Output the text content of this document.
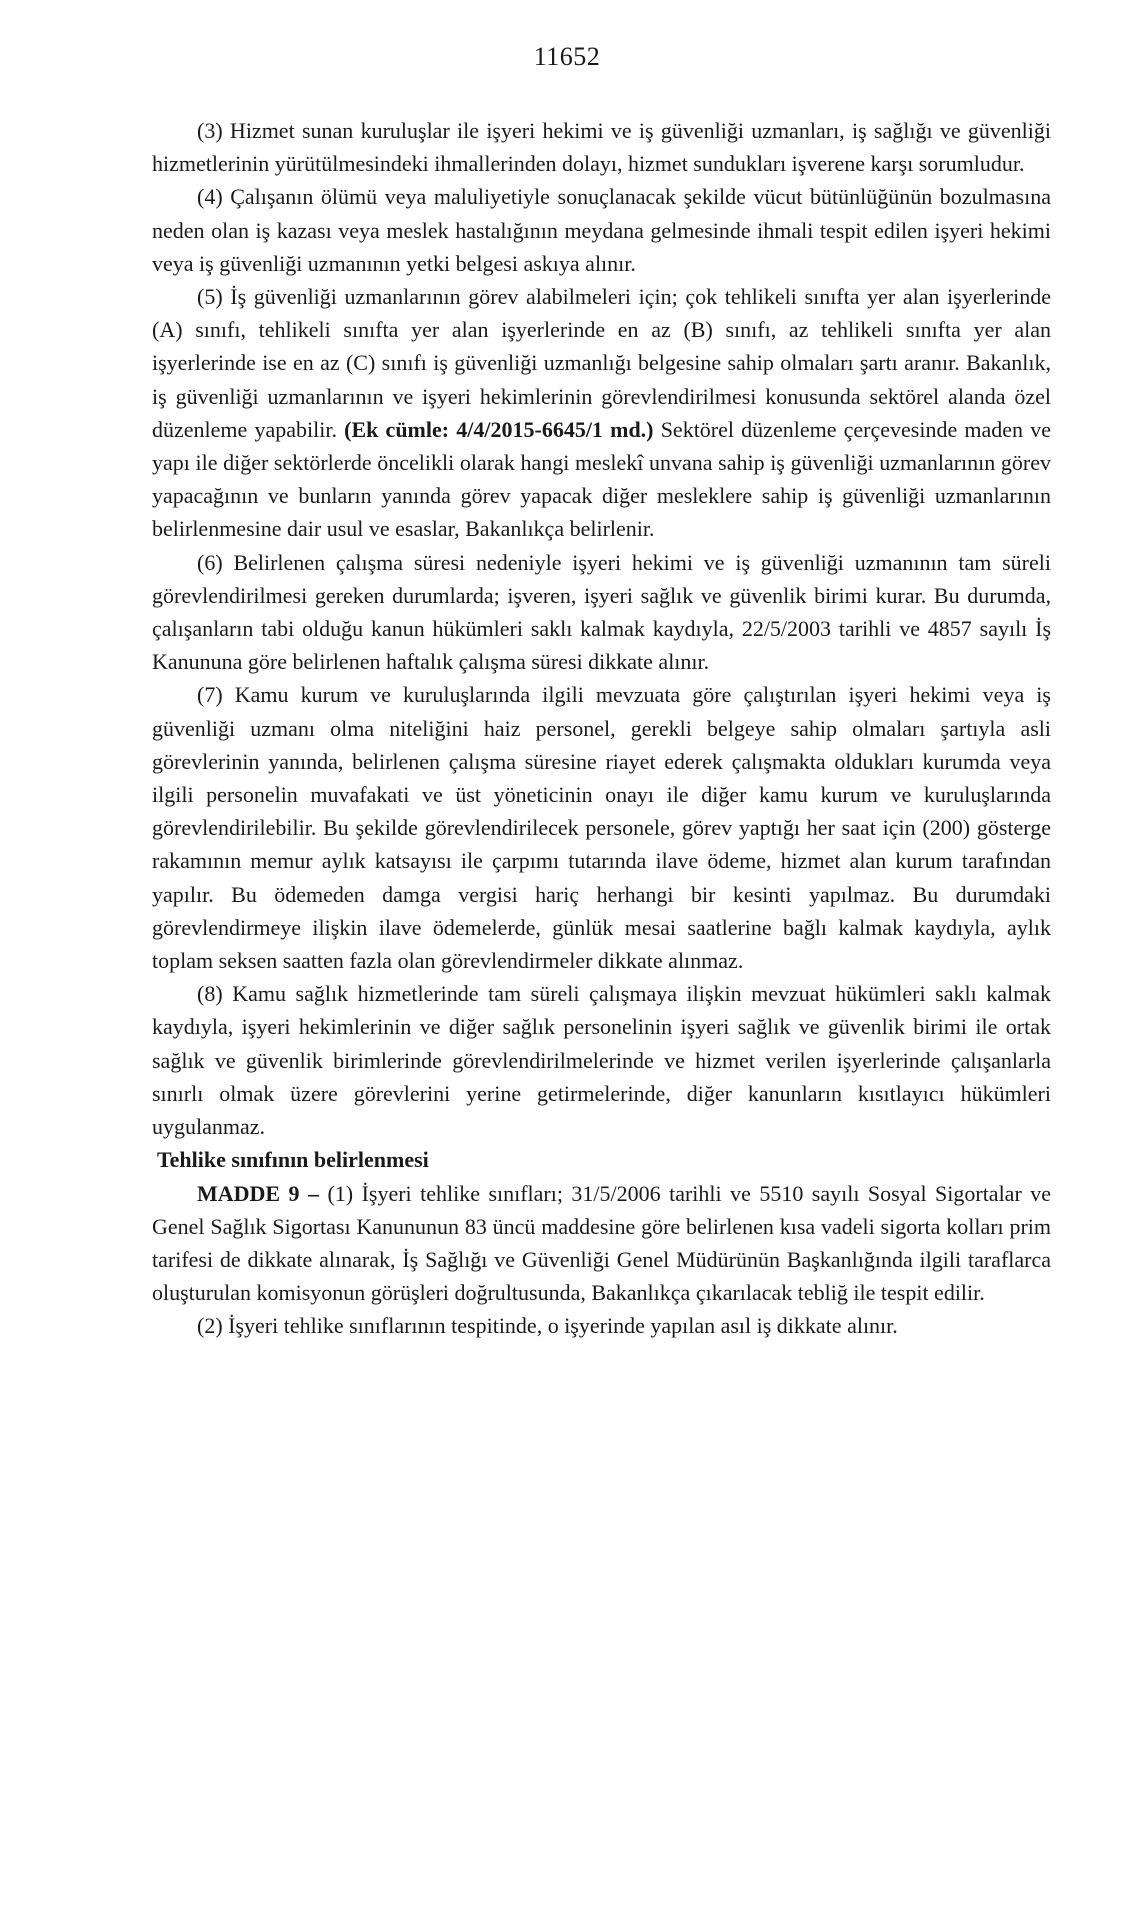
11652

(3) Hizmet sunan kuruluşlar ile işyeri hekimi ve iş güvenliği uzmanları, iş sağlığı ve güvenliği hizmetlerinin yürütülmesindeki ihmallerinden dolayı, hizmet sundukları işverene karşı sorumludur.

(4) Çalışanın ölümü veya maluliyetiyle sonuçlanacak şekilde vücut bütünlüğünün bozulmasına neden olan iş kazası veya meslek hastalığının meydana gelmesinde ihmali tespit edilen işyeri hekimi veya iş güvenliği uzmanının yetki belgesi askıya alınır.

(5) İş güvenliği uzmanlarının görev alabilmeleri için; çok tehlikeli sınıfta yer alan işyerlerinde (A) sınıfı, tehlikeli sınıfta yer alan işyerlerinde en az (B) sınıfı, az tehlikeli sınıfta yer alan işyerlerinde ise en az (C) sınıfı iş güvenliği uzmanlığı belgesine sahip olmaları şartı aranır. Bakanlık, iş güvenliği uzmanlarının ve işyeri hekimlerinin görevlendirilmesi konusunda sektörel alanda özel düzenleme yapabilir. (Ek cümle: 4/4/2015-6645/1 md.) Sektörel düzenleme çerçevesinde maden ve yapı ile diğer sektörlerde öncelikli olarak hangi meslekî unvana sahip iş güvenliği uzmanlarının görev yapacağının ve bunların yanında görev yapacak diğer mesleklere sahip iş güvenliği uzmanlarının belirlenmesine dair usul ve esaslar, Bakanlıkça belirlenir.

(6) Belirlenen çalışma süresi nedeniyle işyeri hekimi ve iş güvenliği uzmanının tam süreli görevlendirilmesi gereken durumlarda; işveren, işyeri sağlık ve güvenlik birimi kurar. Bu durumda, çalışanların tabi olduğu kanun hükümleri saklı kalmak kaydıyla, 22/5/2003 tarihli ve 4857 sayılı İş Kanununa göre belirlenen haftalık çalışma süresi dikkate alınır.

(7) Kamu kurum ve kuruluşlarında ilgili mevzuata göre çalıştırılan işyeri hekimi veya iş güvenliği uzmanı olma niteliğini haiz personel, gerekli belgeye sahip olmaları şartıyla asli görevlerinin yanında, belirlenen çalışma süresine riayet ederek çalışmakta oldukları kurumda veya ilgili personelin muvafakati ve üst yöneticinin onayı ile diğer kamu kurum ve kuruluşlarında görevlendirilebilir. Bu şekilde görevlendirilecek personele, görev yaptığı her saat için (200) gösterge rakamının memur aylık katsayısı ile çarpımı tutarında ilave ödeme, hizmet alan kurum tarafından yapılır. Bu ödemeden damga vergisi hariç herhangi bir kesinti yapılmaz. Bu durumdaki görevlendirmeye ilişkin ilave ödemelerde, günlük mesai saatlerine bağlı kalmak kaydıyla, aylık toplam seksen saatten fazla olan görevlendirmeler dikkate alınmaz.

(8) Kamu sağlık hizmetlerinde tam süreli çalışmaya ilişkin mevzuat hükümleri saklı kalmak kaydıyla, işyeri hekimlerinin ve diğer sağlık personelinin işyeri sağlık ve güvenlik birimi ile ortak sağlık ve güvenlik birimlerinde görevlendirilmelerinde ve hizmet verilen işyerlerinde çalışanlarla sınırlı olmak üzere görevlerini yerine getirmelerinde, diğer kanunların kısıtlayıcı hükümleri uygulanmaz.

Tehlike sınıfının belirlenmesi

MADDE 9 – (1) İşyeri tehlike sınıfları; 31/5/2006 tarihli ve 5510 sayılı Sosyal Sigortalar ve Genel Sağlık Sigortası Kanununun 83 üncü maddesine göre belirlenen kısa vadeli sigorta kolları prim tarifesi de dikkate alınarak, İş Sağlığı ve Güvenliği Genel Müdürünün Başkanlığında ilgili taraflarca oluşturulan komisyonun görüşleri doğrultusunda, Bakanlıkça çıkarılacak tebliğ ile tespit edilir.

(2) İşyeri tehlike sınıflarının tespitinde, o işyerinde yapılan asıl iş dikkate alınır.
